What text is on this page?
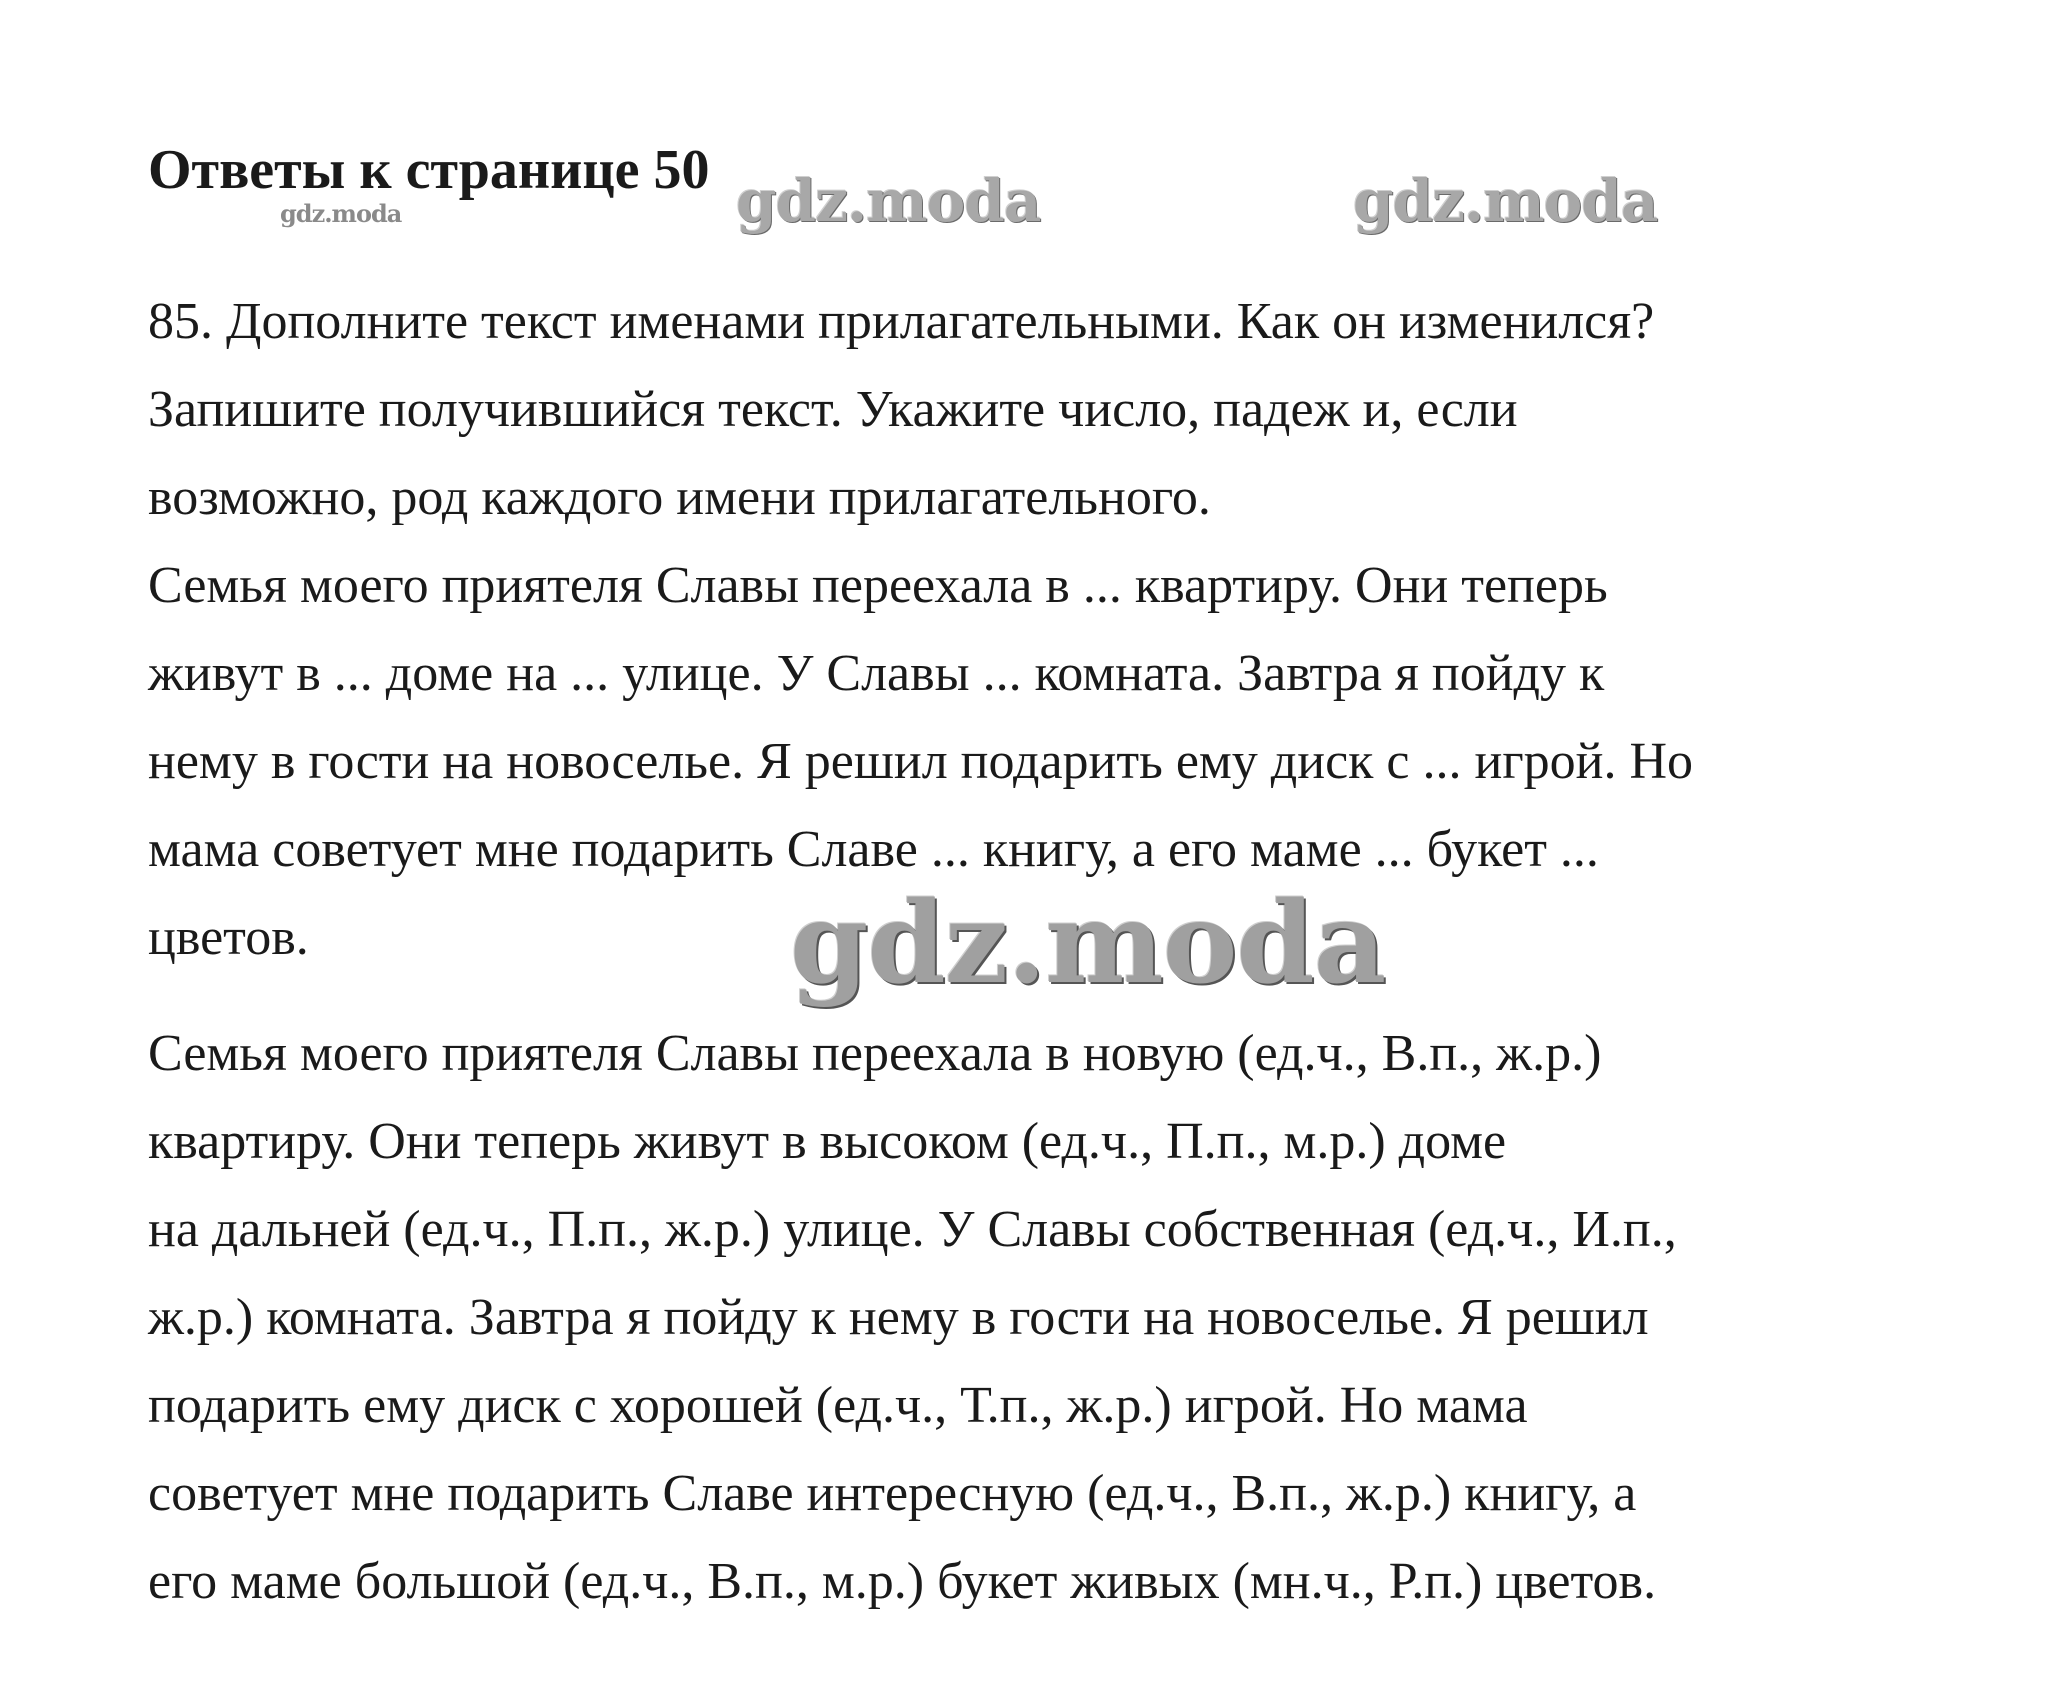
Ответы к странице 50
gdz.moda	gdz.moda	gdz.moda
85. Дополните текст именами прилагательными. Как он изменился?
Запишите получившийся текст. Укажите число, падеж и, если
возможно, род каждого имени прилагательного.
Семья моего приятеля Славы переехала в ... квартиру. Они теперь
живут в ... доме на ... улице. У Славы ... комната. Завтра я пойду к
нему в гости на новоселье. Я решил подарить ему диск с ... игрой. Но
мама советует мне подарить Славе ... книгу, а его маме ... букет ...
цветов.	gdz.moda
Семья моего приятеля Славы переехала в новую (ед.ч., В.п., ж.р.)
квартиру. Они теперь живут в высоком (ед.ч., П.п., м.р.) доме
на дальней (ед.ч., П.п., ж.р.) улице. У Славы собственная (ед.ч., И.п.,
ж.р.) комната. Завтра я пойду к нему в гости на новоселье. Я решил
подарить ему диск с хорошей (ед.ч., Т.п., ж.р.) игрой. Но мама
советует мне подарить Славе интересную (ед.ч., В.п., ж.р.) книгу, а
его маме большой (ед.ч., В.п., м.р.) букет живых (мн.ч., Р.п.) цветов.
